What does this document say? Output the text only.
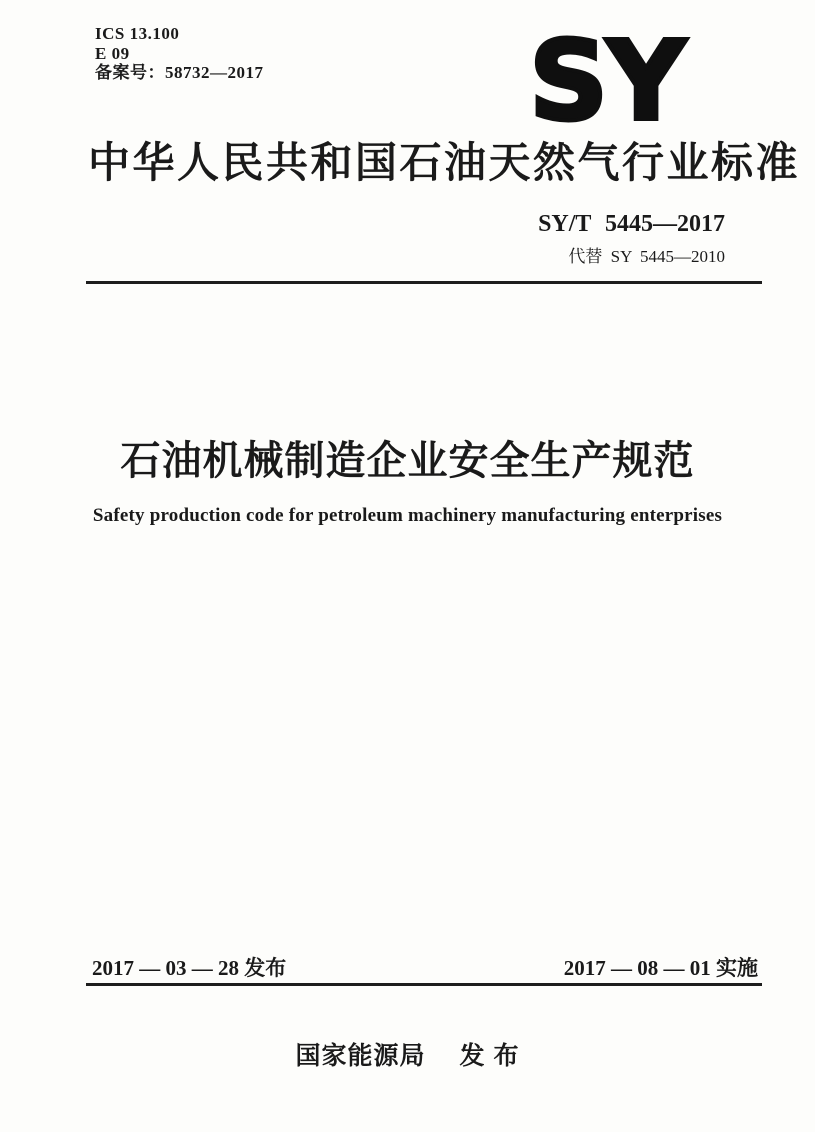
ICS 13.100
E 09
备案号：58732—2017 SY
中华人民共和国石油天然气行业标准
SY/T 5445—2017
代替 SY 5445—2010
石油机械制造企业安全生产规范
Safety production code for petroleum machinery manufacturing enterprises
2017 — 03 — 28 发布	2017 — 08 — 01 实施
国家能源局 发 布
